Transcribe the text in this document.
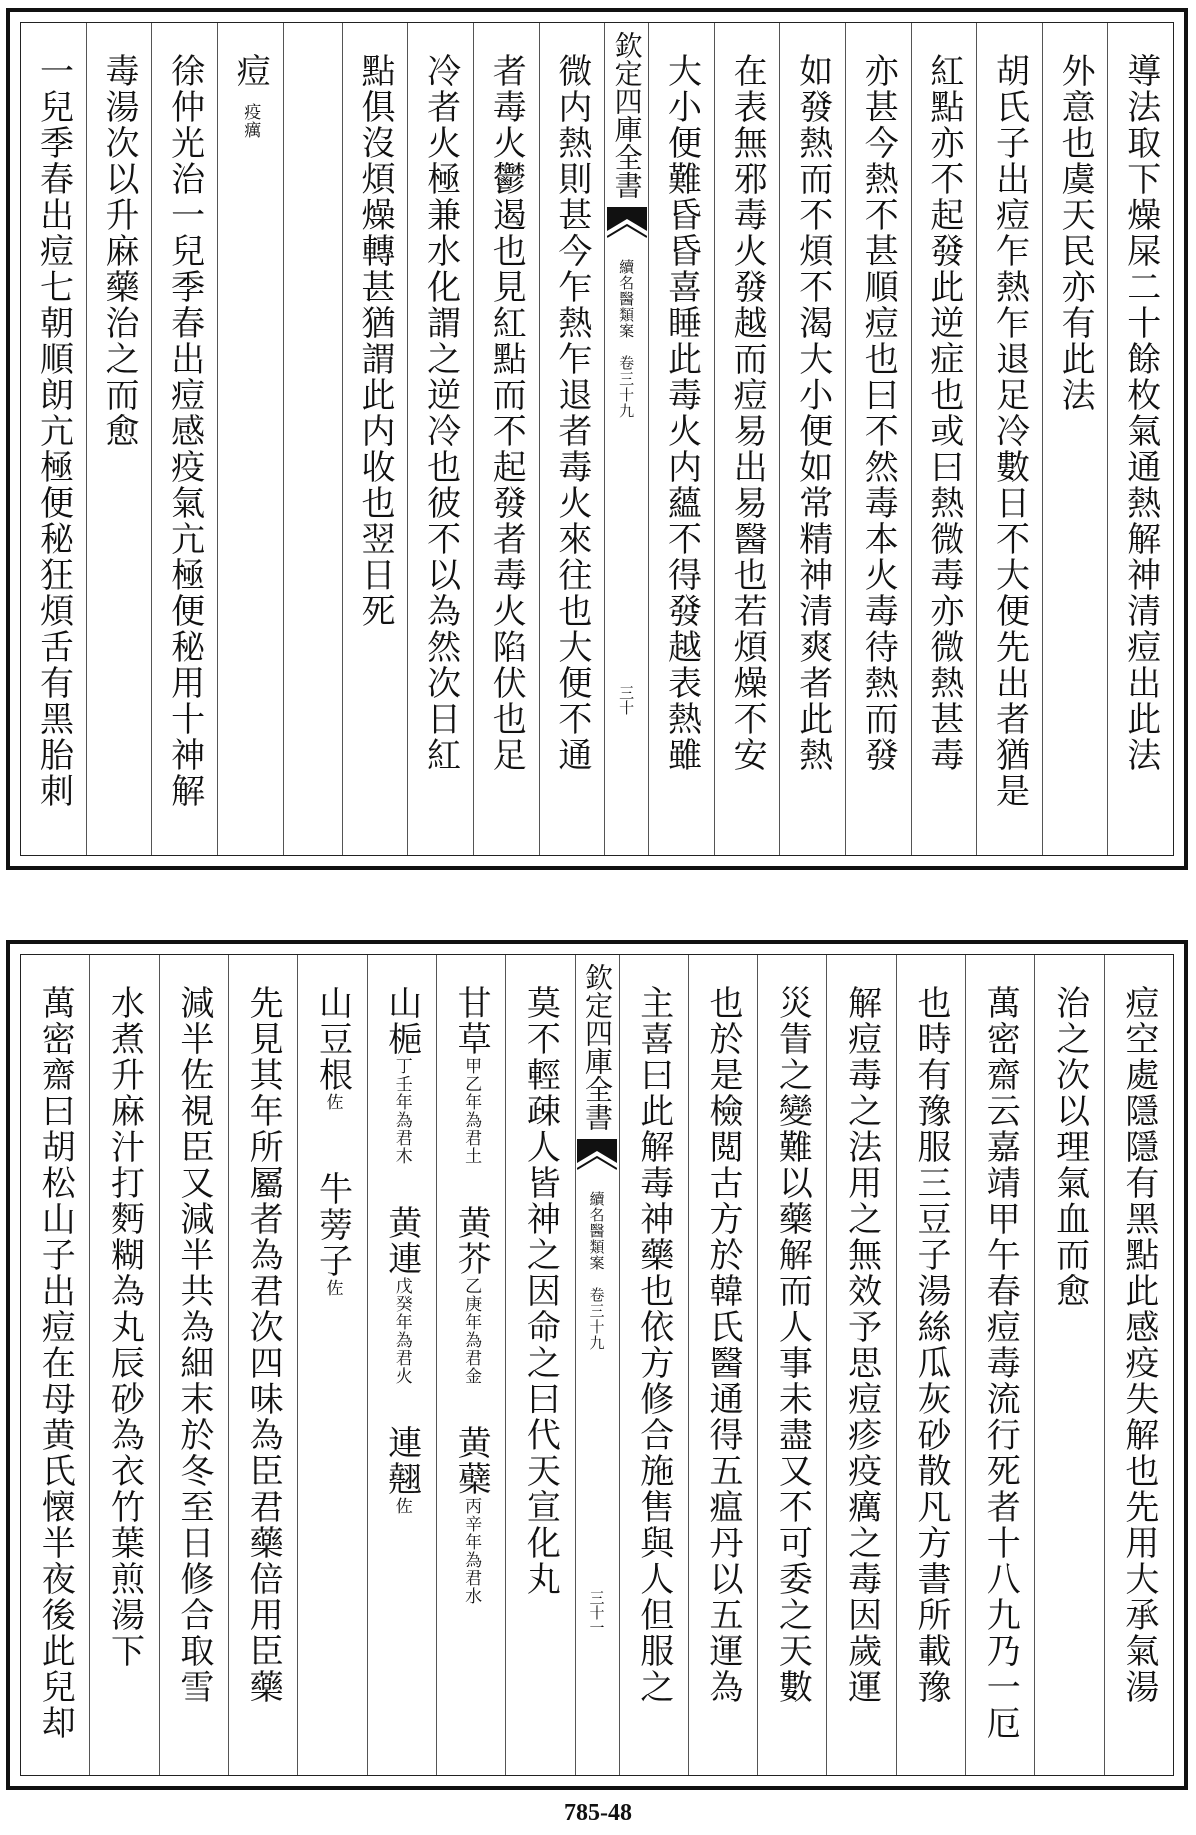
導法取下燥屎二十餘枚氣通熱解神清痘出此法
外意也虞天民亦有此法
胡氏子出痘乍熱乍退足冷數日不大便先出者猶是
紅點亦不起發此逆症也或曰熱微毒亦微熱甚毒
亦甚今熱不甚順痘也曰不然毒本火毒待熱而發
如發熱而不煩不渴大小便如常精神清爽者此熱
在表無邪毒火發越而痘易出易醫也若煩燥不安
大小便難昏昏喜睡此毒火内蘊不得發越表熱雖
欽定四庫全書
續名醫類案　卷三十九
三十
微内熱則甚今乍熱乍退者毒火來往也大便不通
者毒火鬱遏也見紅點而不起發者毒火陷伏也足
冷者火極兼水化謂之逆冷也彼不以為然次日紅
點俱沒煩燥轉甚猶謂此内收也翌日死
痘疫癘
徐仲光治一兒季春出痘感疫氣亢極便秘用十神解
毒湯次以升麻藥治之而愈
一兒季春出痘七朝順朗亢極便秘狂煩舌有黑胎刺
痘空處隱隱有黑點此感疫失解也先用大承氣湯
治之次以理氣血而愈
萬密齋云嘉靖甲午春痘毒流行死者十八九乃一厄
也時有豫服三豆子湯絲瓜灰砂散凡方書所載豫
解痘毒之法用之無效予思痘疹疫癘之毒因歲運
災眚之變難以藥解而人事未盡又不可委之天數
也於是檢閲古方於韓氏醫通得五瘟丹以五運為
主喜曰此解毒神藥也依方修合施售與人但服之
欽定四庫全書
續名醫類案　卷三十九
三十一
莫不輕疎人皆神之因命之曰代天宣化丸
甘草甲乙年為君土黄芥乙庚年為君金黄蘗丙辛年為君水
山梔丁壬年為君木黄連戊癸年為君火連翹佐
山豆根佐牛蒡子佐
先見其年所屬者為君次四味為臣君藥倍用臣藥
減半佐視臣又減半共為細末於冬至日修合取雪
水煮升麻汁打麪糊為丸辰砂為衣竹葉煎湯下
萬密齋曰胡松山子出痘在母黄氏懐半夜後此兒却
785-48
